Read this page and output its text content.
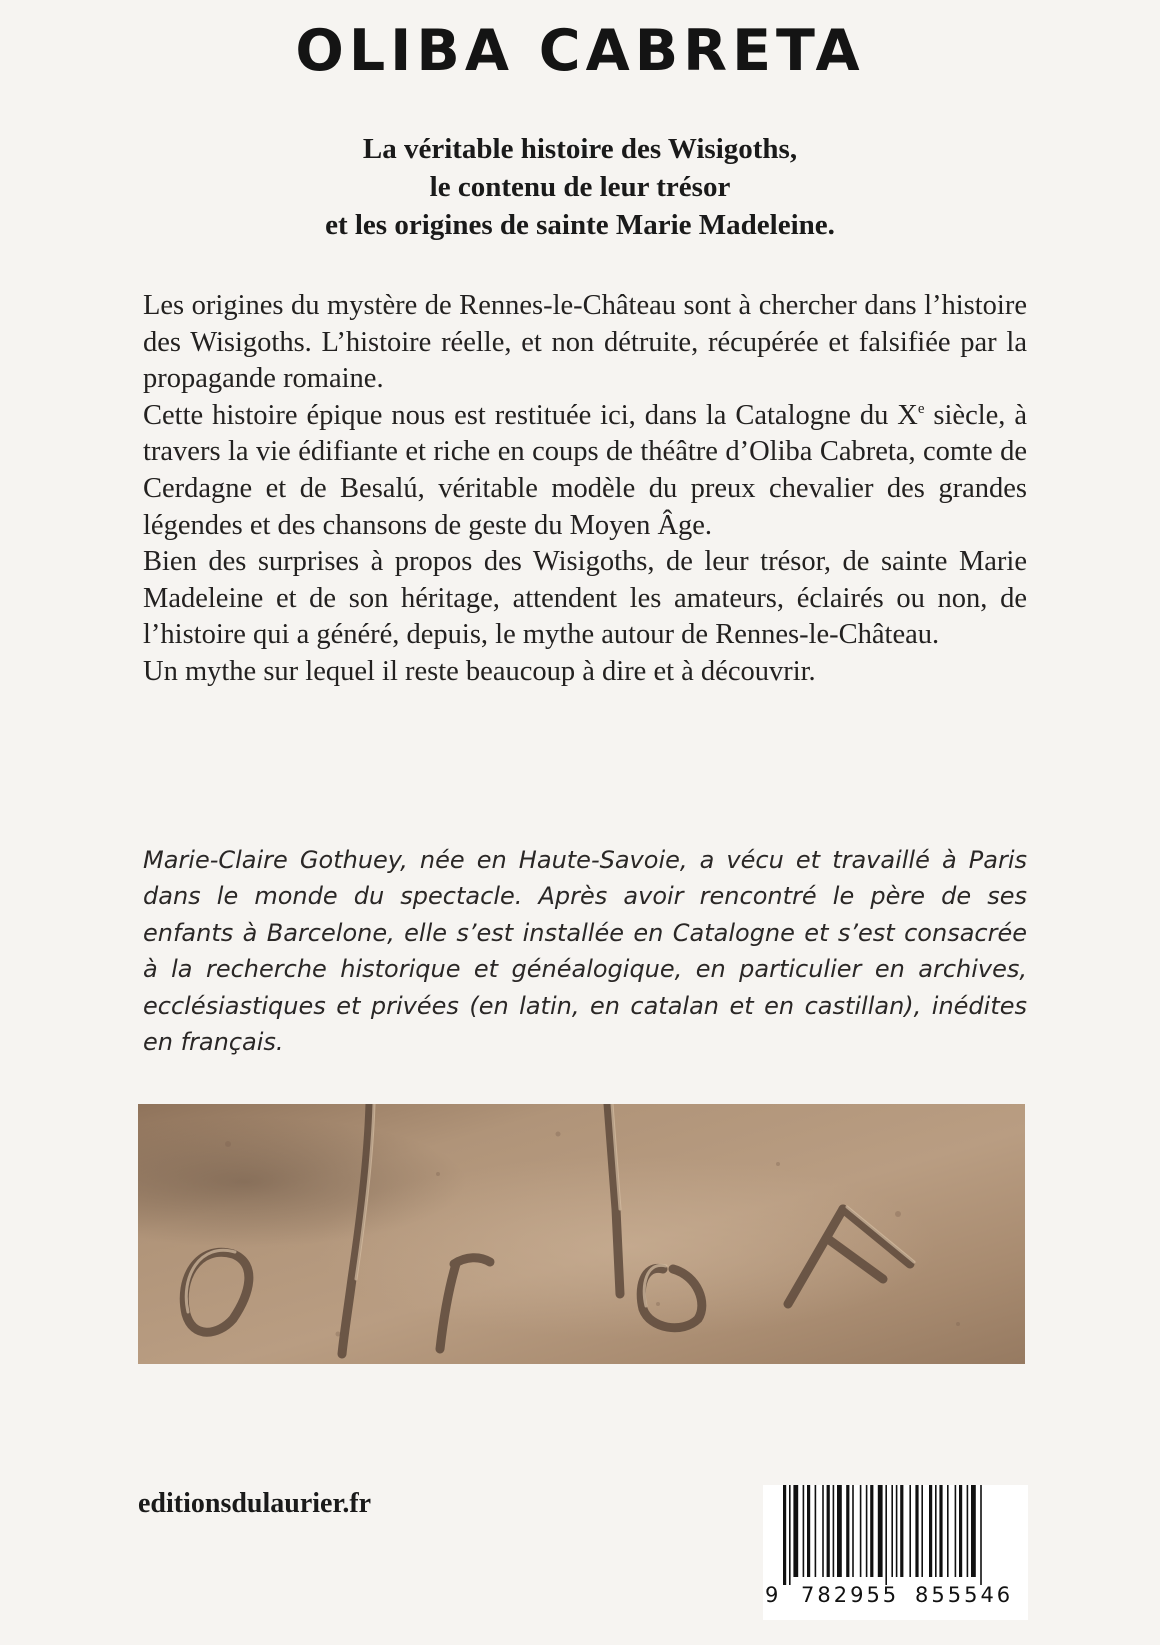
OLIBA CABRETA
La véritable histoire des Wisigoths,
le contenu de leur trésor
et les origines de sainte Marie Madeleine.

Les origines du mystère de Rennes-le-Château sont à chercher dans l’histoire des Wisigoths. L’histoire réelle, et non détruite, récupérée et falsifiée par la propagande romaine.

Cette histoire épique nous est restituée ici, dans la Catalogne du Xe siècle, à travers la vie édifiante et riche en coups de théâtre d’Oliba Cabreta, comte de Cerdagne et de Besalú, véritable modèle du preux chevalier des grandes légendes et des chansons de geste du Moyen Âge.

Bien des surprises à propos des Wisigoths, de leur trésor, de sainte Marie Madeleine et de son héritage, attendent les amateurs, éclairés ou non, de l’histoire qui a généré, depuis, le mythe autour de Rennes-le-Château.

Un mythe sur lequel il reste beaucoup à dire et à découvrir.

Marie-Claire Gothuey, née en Haute-Savoie, a vécu et travaillé à Paris dans le monde du spectacle. Après avoir rencontré le père de ses enfants à Barcelone, elle s’est installée en Catalogne et s’est consacrée à la recherche historique et généalogique, en particulier en archives, ecclésiastiques et privées (en latin, en catalan et en castillan), inédites en français.

editionsdulaurier.fr
9 782955 855546
